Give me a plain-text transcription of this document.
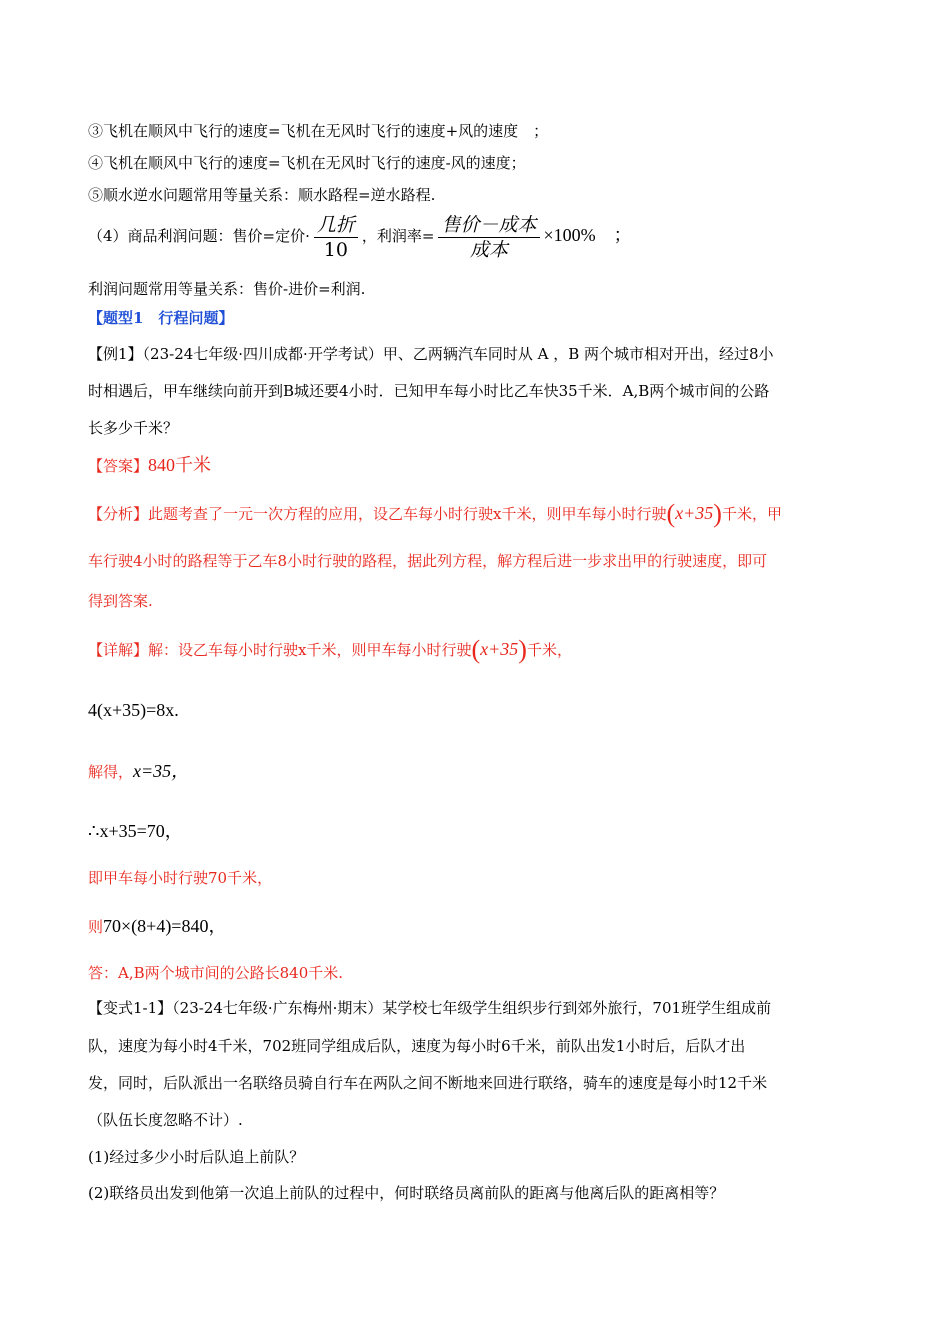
③飞机在顺风中飞行的速度=飞机在无风时飞行的速度+风的速度　；
④飞机在顺风中飞行的速度=飞机在无风时飞行的速度-风的速度；
⑤顺水逆水问题常用等量关系：顺水路程=逆水路程.
（4）商品利润问题：售价=定价· $\frac{\text{几折}}{10}$ ，利润率= $\frac{\text{售价－成本}}{\text{成本}} \times 100\%$　；
利润问题常用等量关系：售价-进价=利润.
【题型1　行程问题】
【例1】（23-24七年级·四川成都·开学考试）甲、乙两辆汽车同时从 A ，B 两个城市相对开出，经过8小
时相遇后，甲车继续向前开到B城还要4小时．已知甲车每小时比乙车快35千米．A,B两个城市间的公路
长多少千米？
【答案】840千米
【分析】此题考查了一元一次方程的应用，设乙车每小时行驶x千米，则甲车每小时行驶(x+35)千米，甲
车行驶4小时的路程等于乙车8小时行驶的路程，据此列方程，解方程后进一步求出甲的行驶速度，即可
得到答案.
【详解】解：设乙车每小时行驶x千米，则甲车每小时行驶(x+35)千米，
4(x+35)=8x.
解得，x=35，
∴x+35=70，
即甲车每小时行驶70千米，
则70×(8+4)=840，
答：A,B两个城市间的公路长840千米.
【变式1-1】（23-24七年级·广东梅州·期末）某学校七年级学生组织步行到郊外旅行，701班学生组成前
队，速度为每小时4千米，702班同学组成后队，速度为每小时6千米，前队出发1小时后，后队才出
发，同时，后队派出一名联络员骑自行车在两队之间不断地来回进行联络，骑车的速度是每小时12千米
（队伍长度忽略不计）.
(1)经过多少小时后队追上前队？
(2)联络员出发到他第一次追上前队的过程中，何时联络员离前队的距离与他离后队的距离相等？
